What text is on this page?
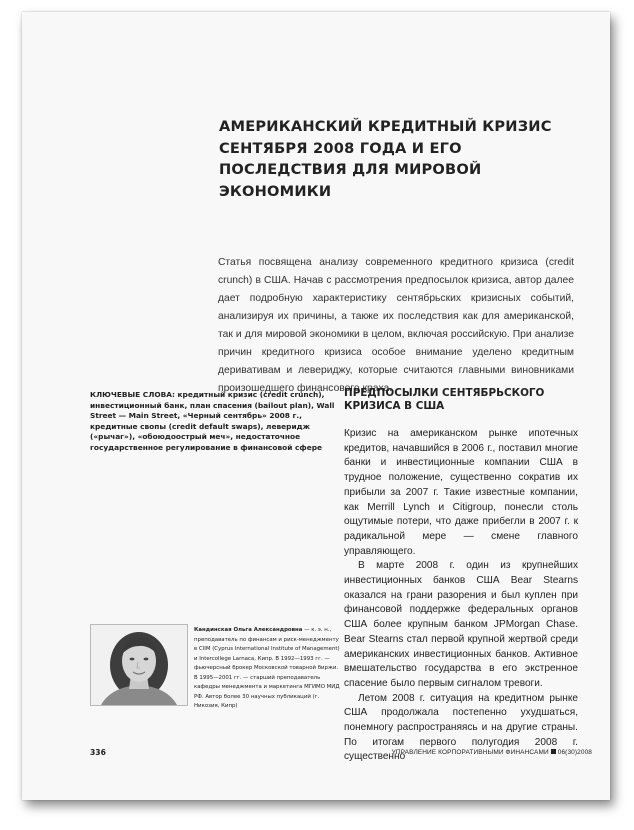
АМЕРИКАНСКИЙ КРЕДИТНЫЙ КРИЗИС СЕНТЯБРЯ 2008 ГОДА И ЕГО ПОСЛЕДСТВИЯ ДЛЯ МИРОВОЙ ЭКОНОМИКИ

Статья посвящена анализу современного кредитного кризиса (credit crunch) в США. Начав с рассмотрения предпосылок кризиса, автор далее дает подробную характеристику сентябрьских кризисных событий, анализируя их причины, а также их последствия как для американской, так и для мировой экономики в целом, включая российскую. При анализе причин кредитного кризиса особое внимание уделено кредитным деривативам и левериджу, которые считаются главными виновниками произошедшего финансового краха.

КЛЮЧЕВЫЕ СЛОВА: кредитный кризис (credit crunch), инвестиционный банк, план спасения (bailout plan), Wall Street — Main Street, «Черный сентябрь» 2008 г., кредитные свопы (credit default swaps), леверидж («рычаг»), «обоюдоострый меч», недостаточное государственное регулирование в финансовой сфере

ПРЕДПОСЫЛКИ СЕНТЯБРЬСКОГО КРИЗИСА В США

Кризис на американском рынке ипотечных кредитов, начавшийся в 2006 г., поставил многие банки и инвестиционные компании США в трудное положение, существенно сократив их прибыли за 2007 г. Такие известные компании, как Merrill Lynch и Citigroup, понесли столь ощутимые потери, что даже прибегли в 2007 г. к радикальной мере — смене главного управляющего.

В марте 2008 г. один из крупнейших инвестиционных банков США Bear Stearns оказался на грани разорения и был куплен при финансовой поддержке федеральных органов США более крупным банком JPMorgan Chase. Bear Stearns стал первой крупной жертвой среди американских инвестиционных банков. Активное вмешательство государства в его экстренное спасение было первым сигналом тревоги.

Летом 2008 г. ситуация на кредитном рынке США продолжала постепенно ухудшаться, понемногу распространяясь и на другие страны. По итогам первого полугодия 2008 г. существенно

Кандинская Ольга Александровна — к. э. н., преподаватель по финансам и риск-менеджменту в CIIM (Cyprus International Institute of Management) и Intercollege Larnaca, Кипр. В 1992—1993 гг. — фьючерсный брокер Московской товарной биржи. В 1995—2001 гг. — старший преподаватель кафедры менеджмента и маркетинга МГИМО МИД РФ. Автор более 30 научных публикаций (г. Никозия, Кипр)

336	УПРАВЛЕНИЕ КОРПОРАТИВНЫМИ ФИНАНСАМИ 06(30)2008
